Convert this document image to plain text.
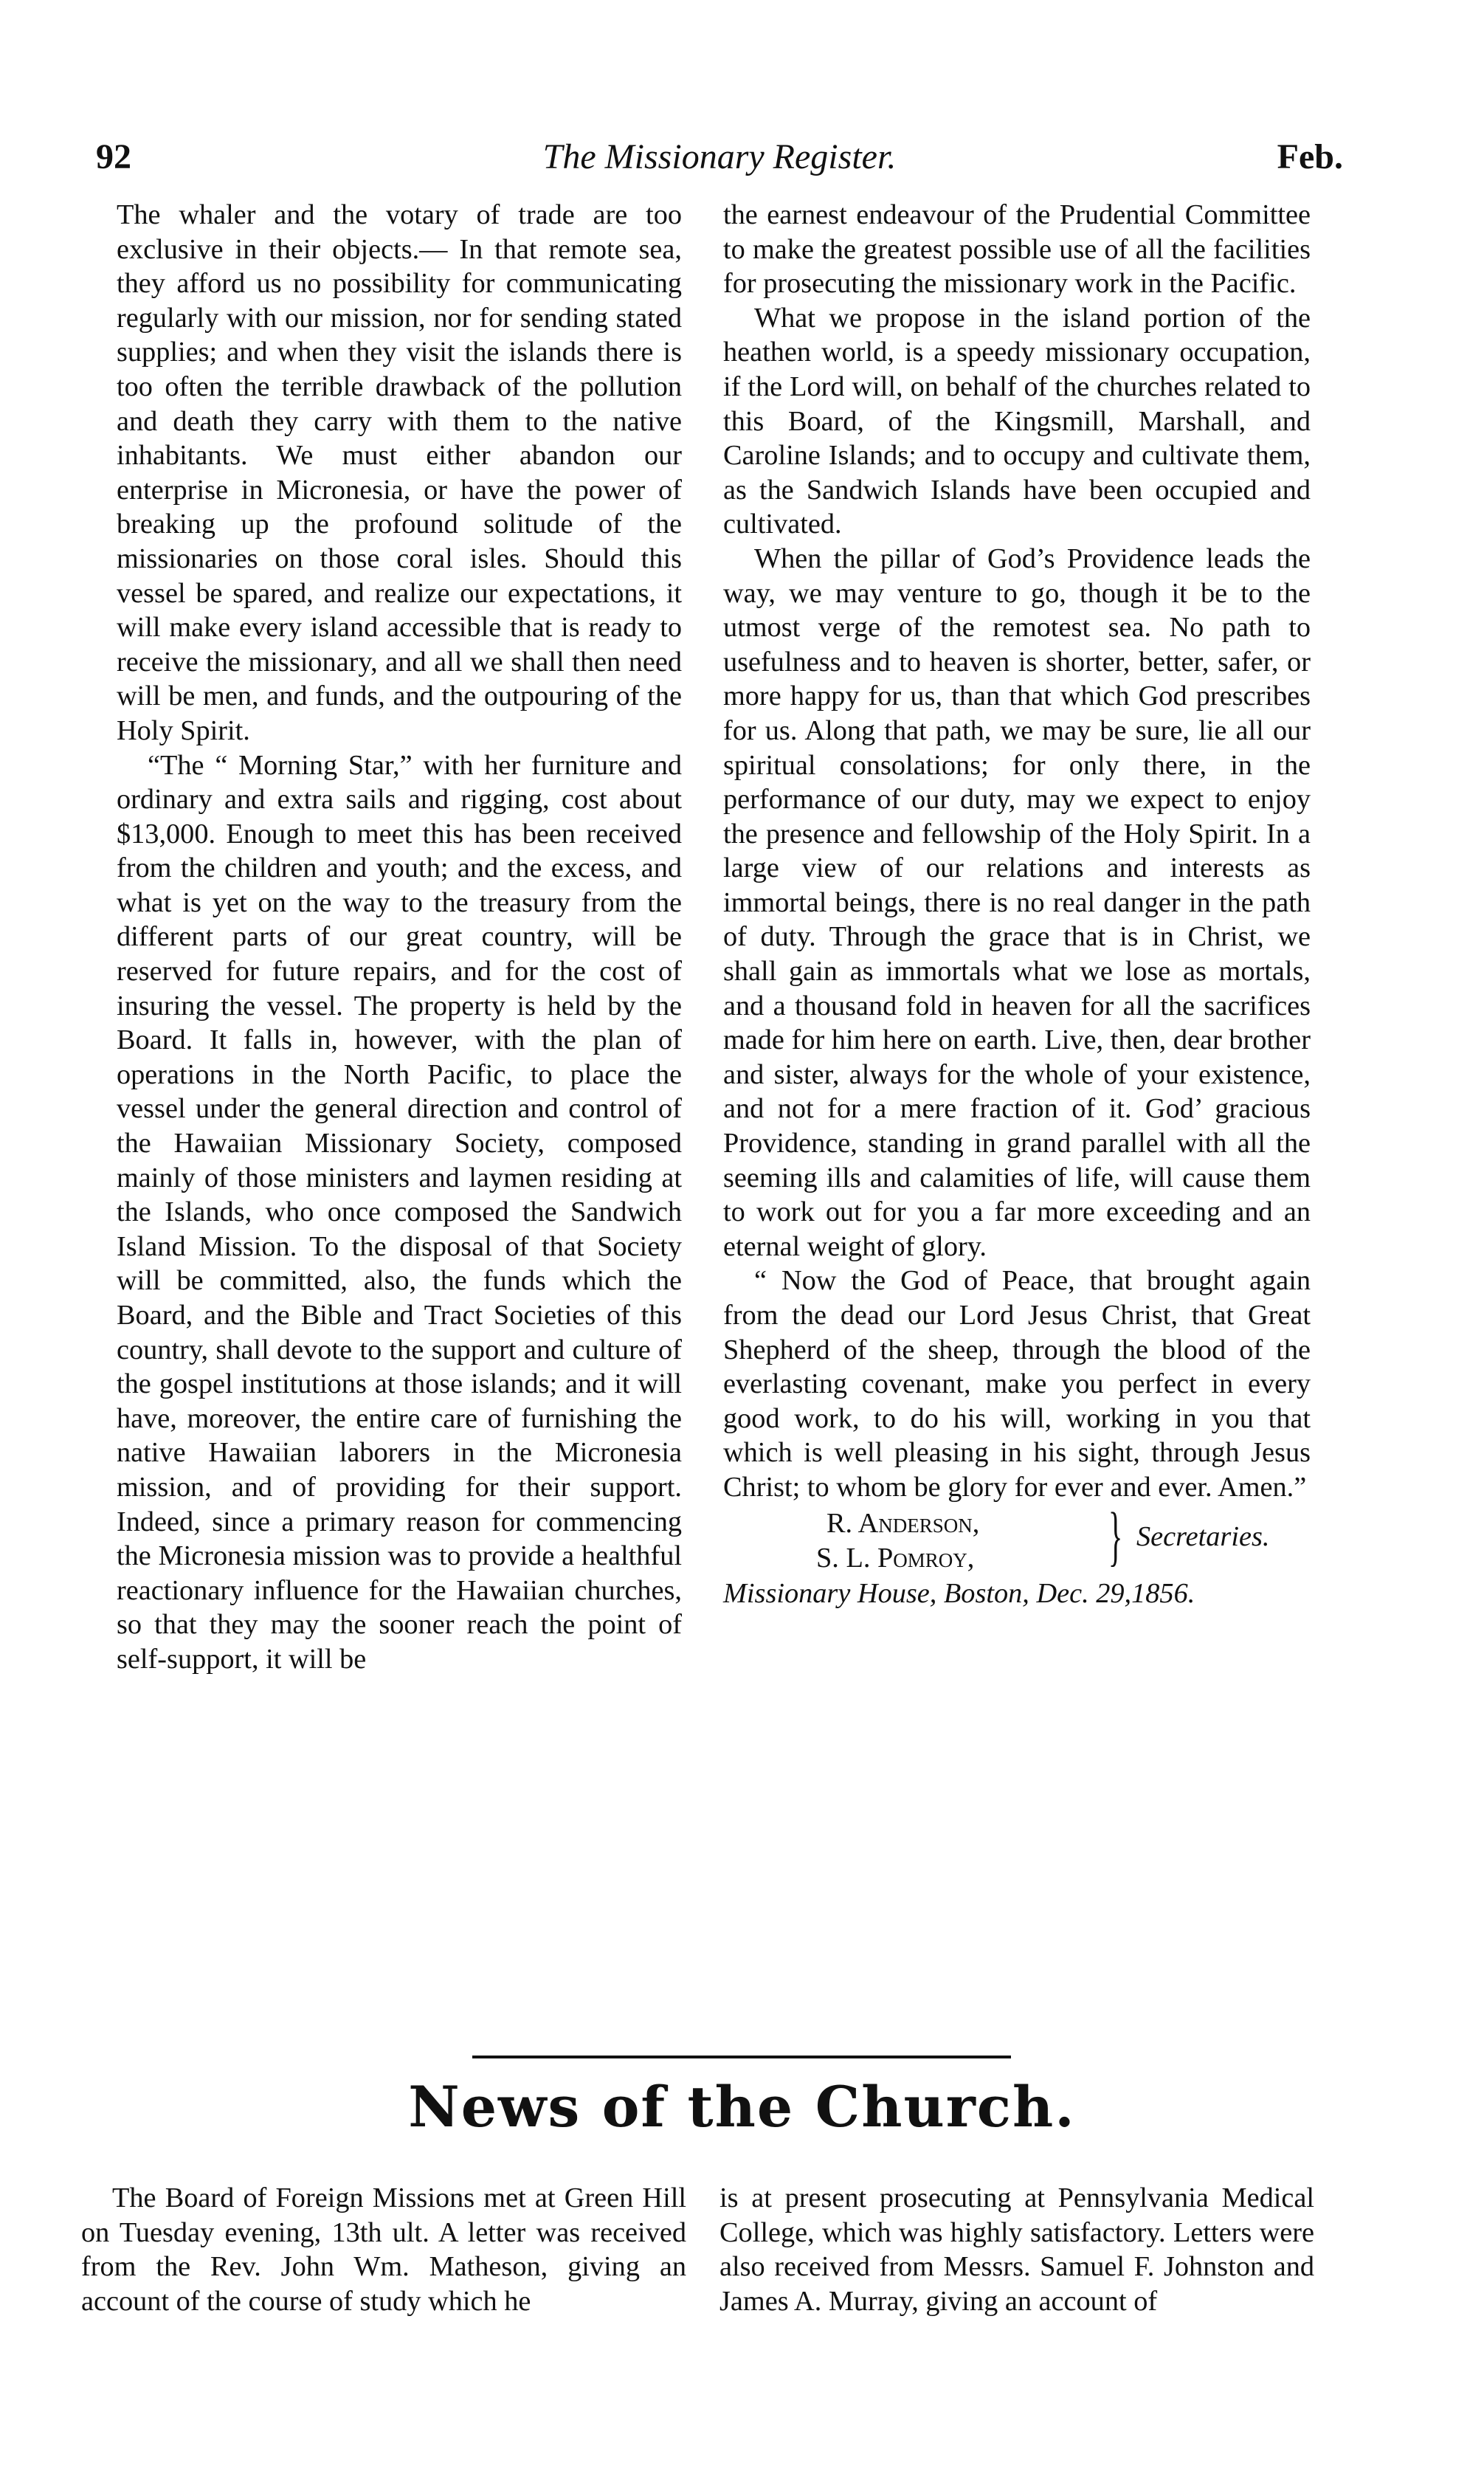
92	The Missionary Register.	Feb.

The whaler and the votary of trade are too exclusive in their objects.— In that remote sea, they afford us no possibility for communicating regularly with our mission, nor for sending stated supplies; and when they visit the islands there is too often the terrible drawback of the pollution and death they carry with them to the native inhabitants. We must either abandon our enterprise in Micronesia, or have the power of breaking up the profound solitude of the missionaries on those coral isles. Should this vessel be spared, and realize our expectations, it will make every island accessible that is ready to receive the missionary, and all we shall then need will be men, and funds, and the outpouring of the Holy Spirit.

“The “ Morning Star,” with her furniture and ordinary and extra sails and rigging, cost about $13,000. Enough to meet this has been received from the children and youth; and the excess, and what is yet on the way to the treasury from the different parts of our great country, will be reserved for future repairs, and for the cost of insuring the vessel. The property is held by the Board. It falls in, however, with the plan of operations in the North Pacific, to place the vessel under the general direction and control of the Hawaiian Missionary Society, composed mainly of those ministers and laymen residing at the Islands, who once composed the Sandwich Island Mission. To the disposal of that Society will be committed, also, the funds which the Board, and the Bible and Tract Societies of this country, shall devote to the support and culture of the gospel institutions at those islands; and it will have, moreover, the entire care of furnishing the native Hawaiian laborers in the Micronesia mission, and of providing for their support. Indeed, since a primary reason for commencing the Micronesia mission was to provide a healthful reactionary influence for the Hawaiian churches, so that they may the sooner reach the point of self-support, it will be

the earnest endeavour of the Prudential Committee to make the greatest possible use of all the facilities for prosecuting the missionary work in the Pacific.

What we propose in the island portion of the heathen world, is a speedy missionary occupation, if the Lord will, on behalf of the churches related to this Board, of the Kingsmill, Marshall, and Caroline Islands; and to occupy and cultivate them, as the Sandwich Islands have been occupied and cultivated.

When the pillar of God’s Providence leads the way, we may venture to go, though it be to the utmost verge of the remotest sea. No path to usefulness and to heaven is shorter, better, safer, or more happy for us, than that which God prescribes for us. Along that path, we may be sure, lie all our spiritual consolations; for only there, in the performance of our duty, may we expect to enjoy the presence and fellowship of the Holy Spirit. In a large view of our relations and interests as immortal beings, there is no real danger in the path of duty. Through the grace that is in Christ, we shall gain as immortals what we lose as mortals, and a thousand fold in heaven for all the sacrifices made for him here on earth. Live, then, dear brother and sister, always for the whole of your existence, and not for a mere fraction of it. God’ gracious Providence, standing in grand parallel with all the seeming ills and calamities of life, will cause them to work out for you a far more exceeding and an eternal weight of glory.

“ Now the God of Peace, that brought again from the dead our Lord Jesus Christ, that Great Shepherd of the sheep, through the blood of the everlasting covenant, make you perfect in every good work, to do his will, working in you that which is well pleasing in his sight, through Jesus Christ; to whom be glory for ever and ever. Amen.”

R. Anderson,
S. L. Pomroy, } Secretaries.

Missionary House, Boston, Dec. 29,1856.

News of the Church.

The Board of Foreign Missions met at Green Hill on Tuesday evening, 13th ult. A letter was received from the Rev. John Wm. Matheson, giving an account of the course of study which he

is at present prosecuting at Pennsylvania Medical College, which was highly satisfactory. Letters were also received from Messrs. Samuel F. Johnston and James A. Murray, giving an account of
